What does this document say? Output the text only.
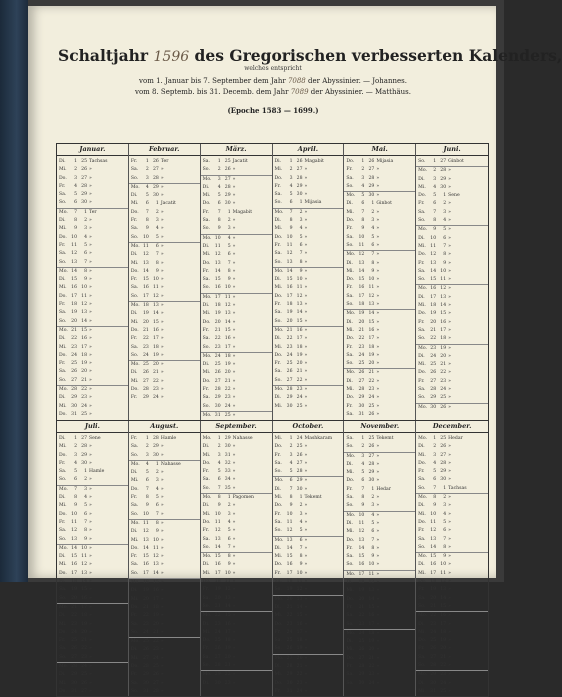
Schaltjahr 1596 des Gregorischen verbesserten Kalenders,
welches entspricht
vom 1. Januar bis 7. September dem Jahr 7088 der Abyssinier. — Johannes.
vom 8. Septemb. bis 31. Decemb. dem Jahr 7089 der Abyssinier. — Matthäus.
(Epoche 1583 — 1699.)
Januar.
Di. 1 25 Tachsas
Mi. 2 26 »
Do. 3 27 »
Fr. 4 28 »
Sa. 5 29 »
So. 6 30 »
Mo. 7 1 Ter
Di. 8 2 »
Mi. 9 3 »
Do. 10 4 »
Fr. 11 5 »
Sa. 12 6 »
So. 13 7 »
Mo. 14 8 »
Di. 15 9 »
Mi. 16 10 »
Do. 17 11 »
Fr. 18 12 »
Sa. 19 13 »
So. 20 14 »
Mo. 21 15 »
Di. 22 16 »
Mi. 23 17 »
Do. 24 18 »
Fr. 25 19 »
Sa. 26 20 »
So. 27 21 »
Mo. 28 22 »
Di. 29 23 »
Mi. 30 24 »
Do. 31 25 »
Februar.
Fr. 1 26 Ter
Sa. 2 27 »
So. 3 28 »
Mo. 4 29 »
Di. 5 30 »
Mi. 6 1 Jacatit
Do. 7 2 »
Fr. 8 3 »
Sa. 9 4 »
So. 10 5 »
Mo. 11 6 »
Di. 12 7 »
Mi. 13 8 »
Do. 14 9 »
Fr. 15 10 »
Sa. 16 11 »
So. 17 12 »
Mo. 18 13 »
Di. 19 14 »
Mi. 20 15 »
Do. 21 16 »
Fr. 22 17 »
Sa. 23 18 »
So. 24 19 »
Mo. 25 20 »
Di. 26 21 »
Mi. 27 22 »
Do. 28 23 »
Fr. 29 24 »
März.
Sa. 1 25 Jacatit
So. 2 26 »
Mo. 3 27 »
Di. 4 28 »
Mi. 5 29 »
Do. 6 30 »
Fr. 7 1 Magabit
Sa. 8 2 »
So. 9 3 »
Mo. 10 4 »
Di. 11 5 »
Mi. 12 6 »
Do. 13 7 »
Fr. 14 8 »
Sa. 15 9 »
So. 16 10 »
Mo. 17 11 »
Di. 18 12 »
Mi. 19 13 »
Do. 20 14 »
Fr. 21 15 »
Sa. 22 16 »
So. 23 17 »
Mo. 24 18 »
Di. 25 19 »
Mi. 26 20 »
Do. 27 21 »
Fr. 28 22 »
Sa. 29 23 »
So. 30 24 »
Mo. 31 25 »
April.
Di. 1 26 Magabit
Mi. 2 27 »
Do. 3 28 »
Fr. 4 29 »
Sa. 5 30 »
So. 6 1 Mijasia
Mo. 7 2 »
Di. 8 3 »
Mi. 9 4 »
Do. 10 5 »
Fr. 11 6 »
Sa. 12 7 »
So. 13 8 »
Mo. 14 9 »
Di. 15 10 »
Mi. 16 11 »
Do. 17 12 »
Fr. 18 13 »
Sa. 19 14 »
So. 20 15 »
Mo. 21 16 »
Di. 22 17 »
Mi. 23 18 »
Do. 24 19 »
Fr. 25 20 »
Sa. 26 21 »
So. 27 22 »
Mo. 28 23 »
Di. 29 24 »
Mi. 30 25 »
Mai.
Do. 1 26 Mijasia
Fr. 2 27 »
Sa. 3 28 »
So. 4 29 »
Mo. 5 30 »
Di. 6 1 Ginbot
Mi. 7 2 »
Do. 8 3 »
Fr. 9 4 »
Sa. 10 5 »
So. 11 6 »
Mo. 12 7 »
Di. 13 8 »
Mi. 14 9 »
Do. 15 10 »
Fr. 16 11 »
Sa. 17 12 »
So. 18 13 »
Mo. 19 14 »
Di. 20 15 »
Mi. 21 16 »
Do. 22 17 »
Fr. 23 18 »
Sa. 24 19 »
So. 25 20 »
Mo. 26 21 »
Di. 27 22 »
Mi. 28 23 »
Do. 29 24 »
Fr. 30 25 »
Sa. 31 26 »
Juni.
So. 1 27 Ginbot
Mo. 2 28 »
Di. 3 29 »
Mi. 4 30 »
Do. 5 1 Sene
Fr. 6 2 »
Sa. 7 3 »
So. 8 4 »
Mo. 9 5 »
Di. 10 6 »
Mi. 11 7 »
Do. 12 8 »
Fr. 13 9 »
Sa. 14 10 »
So. 15 11 »
Mo. 16 12 »
Di. 17 13 »
Mi. 18 14 »
Do. 19 15 »
Fr. 20 16 »
Sa. 21 17 »
So. 22 18 »
Mo. 23 19 »
Di. 24 20 »
Mi. 25 21 »
Do. 26 22 »
Fr. 27 23 »
Sa. 28 24 »
So. 29 25 »
Mo. 30 26 »
Juli.
Di. 1 27 Sene
Mi. 2 28 »
Do. 3 29 »
Fr. 4 30 »
Sa. 5 1 Hamle
So. 6 2 »
Mo. 7 3 »
Di. 8 4 »
Mi. 9 5 »
Do. 10 6 »
Fr. 11 7 »
Sa. 12 8 »
So. 13 9 »
Mo. 14 10 »
Di. 15 11 »
Mi. 16 12 »
Do. 17 13 »
Fr. 18 14 »
Sa. 19 15 »
So. 20 16 »
Mo. 21 17 »
Di. 22 18 »
Mi. 23 19 »
Do. 24 20 »
Fr. 25 21 »
Sa. 26 22 »
So. 27 23 »
Mo. 28 24 »
Di. 29 25 »
Mi. 30 26 »
Do. 31 27 »
August.
Fr. 1 28 Hamle
Sa. 2 29 »
So. 3 30 »
Mo. 4 1 Nahasse
Di. 5 2 »
Mi. 6 3 »
Do. 7 4 »
Fr. 8 5 »
Sa. 9 6 »
So. 10 7 »
Mo. 11 8 »
Di. 12 9 »
Mi. 13 10 »
Do. 14 11 »
Fr. 15 12 »
Sa. 16 13 »
So. 17 14 »
Mo. 18 15 »
Di. 19 16 »
Mi. 20 17 »
Do. 21 18 »
Fr. 22 19 »
Sa. 23 20 »
So. 24 21 »
Mo. 25 22 »
Di. 26 23 »
Mi. 27 24 »
Do. 28 25 »
Fr. 29 26 »
Sa. 30 27 »
So. 31 28 »
September.
Mo. 1 29 Nahasse
Di. 2 30 »
Mi. 3 31 »
Do. 4 32 »
Fr. 5 33 »
Sa. 6 34 »
So. 7 35 »
Mo. 8 1 Pagomen
Di. 9 2 »
Mi. 10 3 »
Do. 11 4 »
Fr. 12 5 »
Sa. 13 6 »
So. 14 7 »
Mo. 15 8 »
Di. 16 9 »
Mi. 17 10 »
Do. 18 11 »
Fr. 19 12 »
Sa. 20 13 »
So. 21 14 »
Mo. 22 15 »
Di. 23 16 »
Mi. 24 17 »
Do. 25 18 »
Fr. 26 19 »
Sa. 27 20 »
So. 28 21 »
Mo. 29 22 »
Di. 30 23 »
October.
Mi. 1 24 Mashkaram
Do. 2 25 »
Fr. 3 26 »
Sa. 4 27 »
So. 5 28 »
Mo. 6 29 »
Di. 7 30 »
Mi. 8 1 Tekemt
Do. 9 2 »
Fr. 10 3 »
Sa. 11 4 »
So. 12 5 »
Mo. 13 6 »
Di. 14 7 »
Mi. 15 8 »
Do. 16 9 »
Fr. 17 10 »
Sa. 18 11 »
So. 19 12 »
Mo. 20 13 »
Di. 21 14 »
Mi. 22 15 »
Do. 23 16 »
Fr. 24 17 »
Sa. 25 18 »
So. 26 19 »
Mo. 27 20 »
Di. 28 21 »
Mi. 29 22 »
Do. 30 23 »
Fr. 31 24 »
November.
Sa. 1 25 Tekemt
So. 2 26 »
Mo. 3 27 »
Di. 4 28 »
Mi. 5 29 »
Do. 6 30 »
Fr. 7 1 Hedar
Sa. 8 2 »
So. 9 3 »
Mo. 10 4 »
Di. 11 5 »
Mi. 12 6 »
Do. 13 7 »
Fr. 14 8 »
Sa. 15 9 »
So. 16 10 »
Mo. 17 11 »
Di. 18 12 »
Mi. 19 13 »
Do. 20 14 »
Fr. 21 15 »
Sa. 22 16 »
So. 23 17 »
Mo. 24 18 »
Di. 25 19 »
Mi. 26 20 »
Do. 27 21 »
Fr. 28 22 »
Sa. 29 23 »
So. 30 24 »
December.
Mo. 1 25 Hedar
Di. 2 26 »
Mi. 3 27 »
Do. 4 28 »
Fr. 5 29 »
Sa. 6 30 »
So. 7 1 Tachsas
Mo. 8 2 »
Di. 9 3 »
Mi. 10 4 »
Do. 11 5 »
Fr. 12 6 »
Sa. 13 7 »
So. 14 8 »
Mo. 15 9 »
Di. 16 10 »
Mi. 17 11 »
Do. 18 12 »
Fr. 19 13 »
Sa. 20 14 »
So. 21 15 »
Mo. 22 16 »
Di. 23 17 »
Mi. 24 18 »
Do. 25 19 »
Fr. 26 20 »
Sa. 27 21 »
So. 28 22 »
Mo. 29 23 »
Di. 30 24 »
Mi. 31 25 »
